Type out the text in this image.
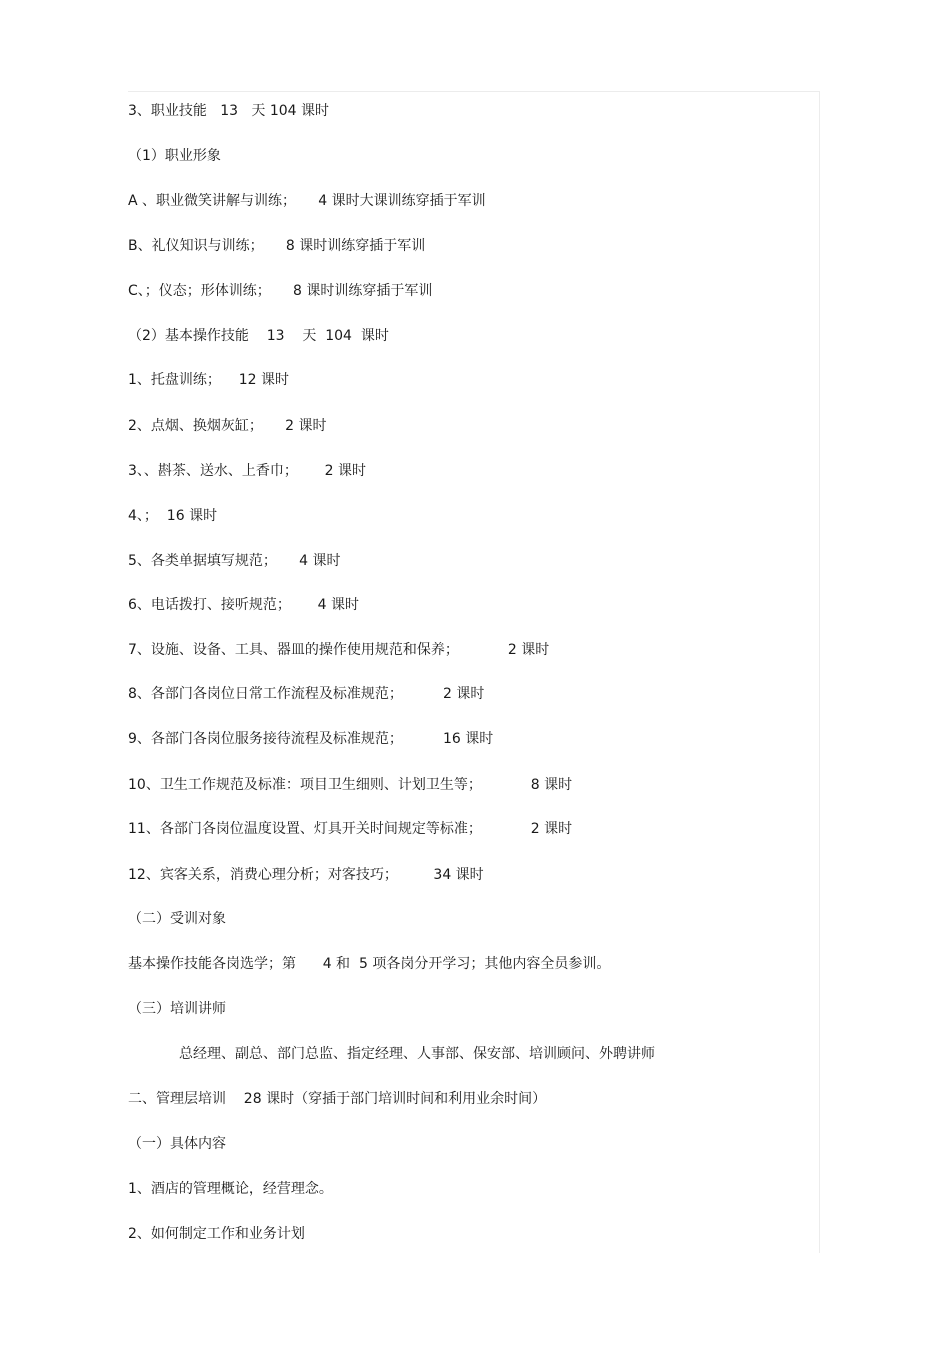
3、职业技能   13   天 104 课时
（1）职业形象
A 、职业微笑讲解与训练；     4 课时大课训练穿插于军训
B、礼仪知识与训练；     8 课时训练穿插于军训
C、；仪态；形体训练；     8 课时训练穿插于军训
（2）基本操作技能    13    天  104  课时
1、托盘训练；    12 课时
2、点烟、换烟灰缸；     2 课时
3、、斟茶、送水、上香巾；      2 课时
4、；  16 课时
5、各类单据填写规范；     4 课时
6、电话拨打、接听规范；      4 课时
7、设施、设备、工具、器皿的操作使用规范和保养；           2 课时
8、各部门各岗位日常工作流程及标准规范；         2 课时
9、各部门各岗位服务接待流程及标准规范；         16 课时
10、卫生工作规范及标准：项目卫生细则、计划卫生等；           8 课时
11、各部门各岗位温度设置、灯具开关时间规定等标准；           2 课时
12、宾客关系，消费心理分析；对客技巧；        34 课时
（二）受训对象
基本操作技能各岗选学；第      4 和  5 项各岗分开学习；其他内容全员参训。
（三）培训讲师
总经理、副总、部门总监、指定经理、人事部、保安部、培训顾问、外聘讲师
二、管理层培训    28 课时（穿插于部门培训时间和利用业余时间）
（一）具体内容
1、酒店的管理概论，经营理念。
2、如何制定工作和业务计划
